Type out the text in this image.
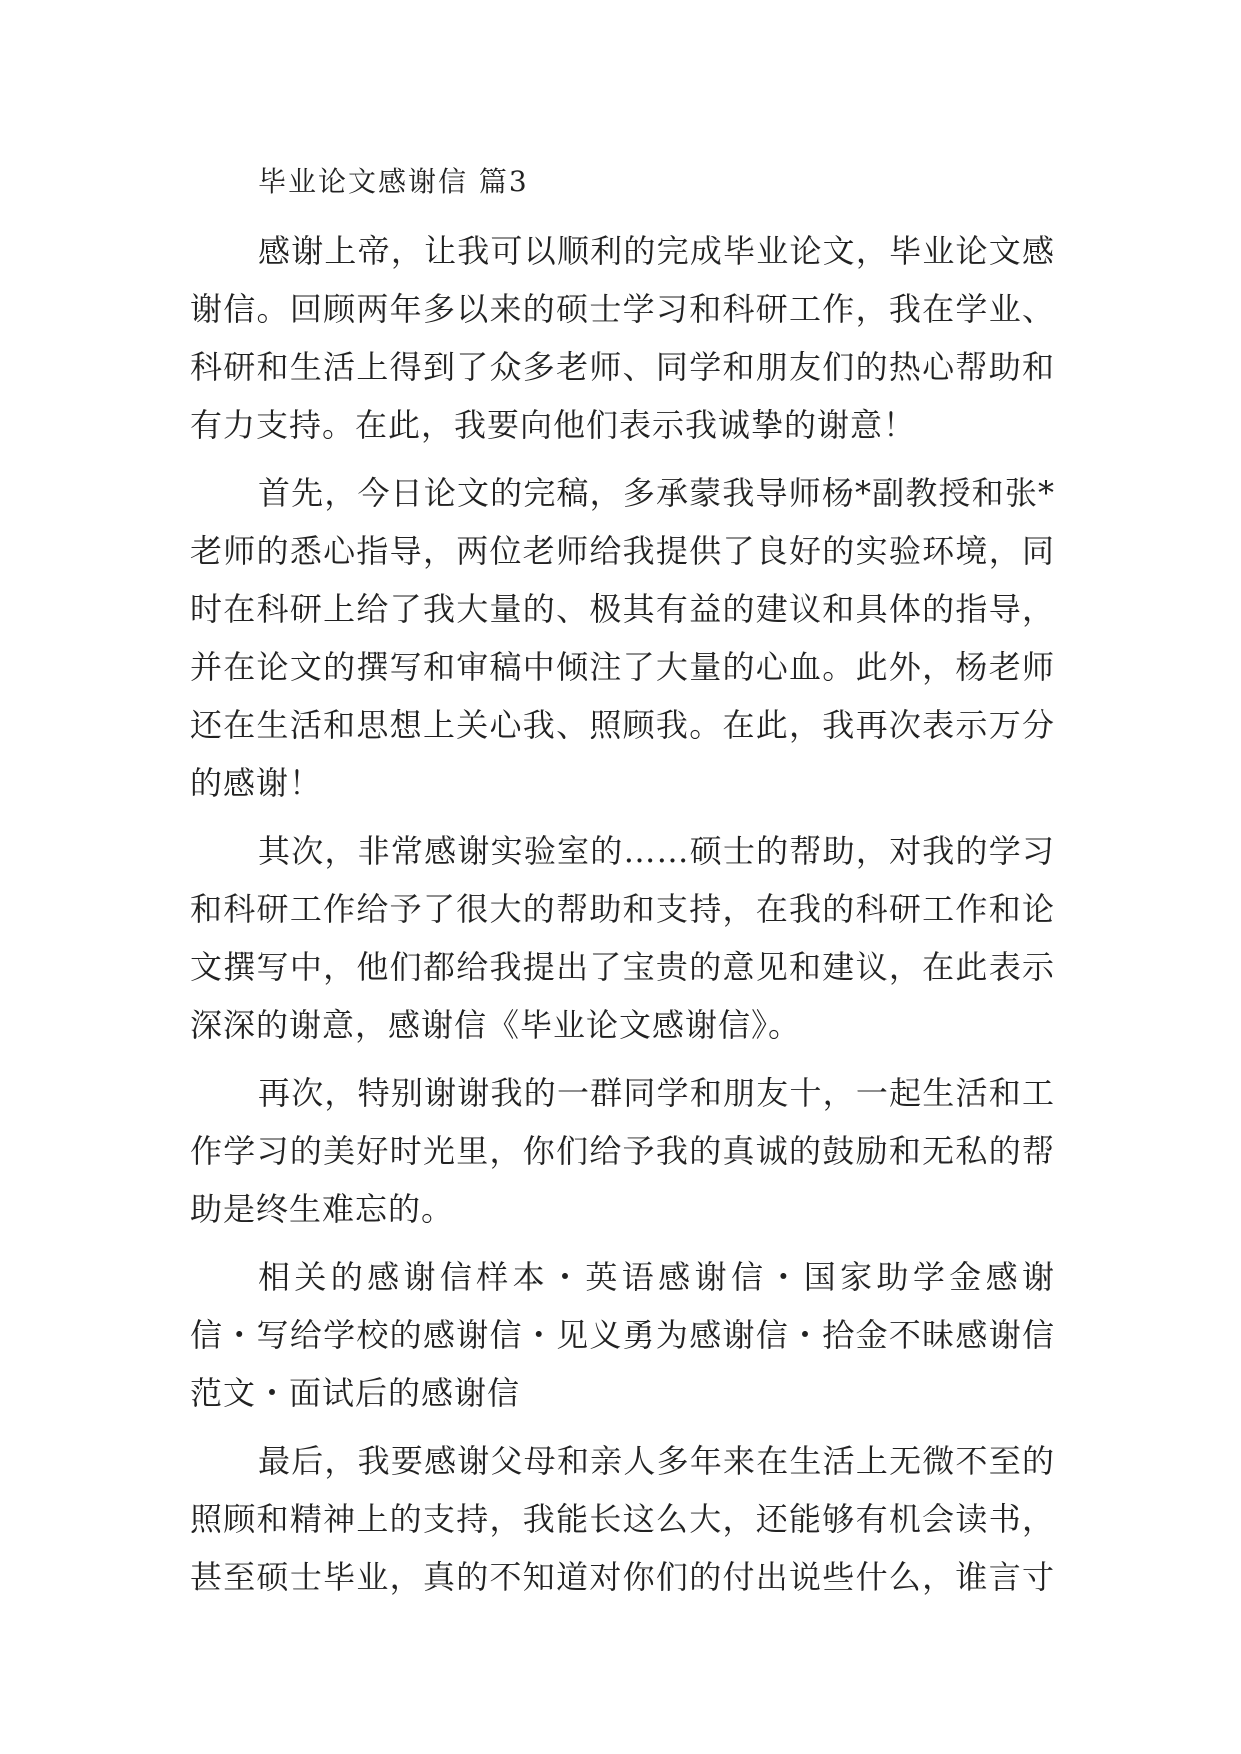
毕业论文感谢信 篇3
感谢上帝，让我可以顺利的完成毕业论文，毕业论文感
谢信。回顾两年多以来的硕士学习和科研工作，我在学业、
科研和生活上得到了众多老师、同学和朋友们的热心帮助和
有力支持。在此，我要向他们表示我诚挚的谢意！
首先，今日论文的完稿，多承蒙我导师杨*副教授和张*
老师的悉心指导，两位老师给我提供了良好的实验环境，同
时在科研上给了我大量的、极其有益的建议和具体的指导，
并在论文的撰写和审稿中倾注了大量的心血。此外，杨老师
还在生活和思想上关心我、照顾我。在此，我再次表示万分
的感谢！
其次，非常感谢实验室的……硕士的帮助，对我的学习
和科研工作给予了很大的帮助和支持，在我的科研工作和论
文撰写中，他们都给我提出了宝贵的意见和建议，在此表示
深深的谢意，感谢信《毕业论文感谢信》。
再次，特别谢谢我的一群同学和朋友十，一起生活和工
作学习的美好时光里，你们给予我的真诚的鼓励和无私的帮
助是终生难忘的。
相关的感谢信样本・英语感谢信・国家助学金感谢
信・写给学校的感谢信・见义勇为感谢信・拾金不昧感谢信
范文・面试后的感谢信
最后，我要感谢父母和亲人多年来在生活上无微不至的
照顾和精神上的支持，我能长这么大，还能够有机会读书，
甚至硕士毕业，真的不知道对你们的付出说些什么，谁言寸
